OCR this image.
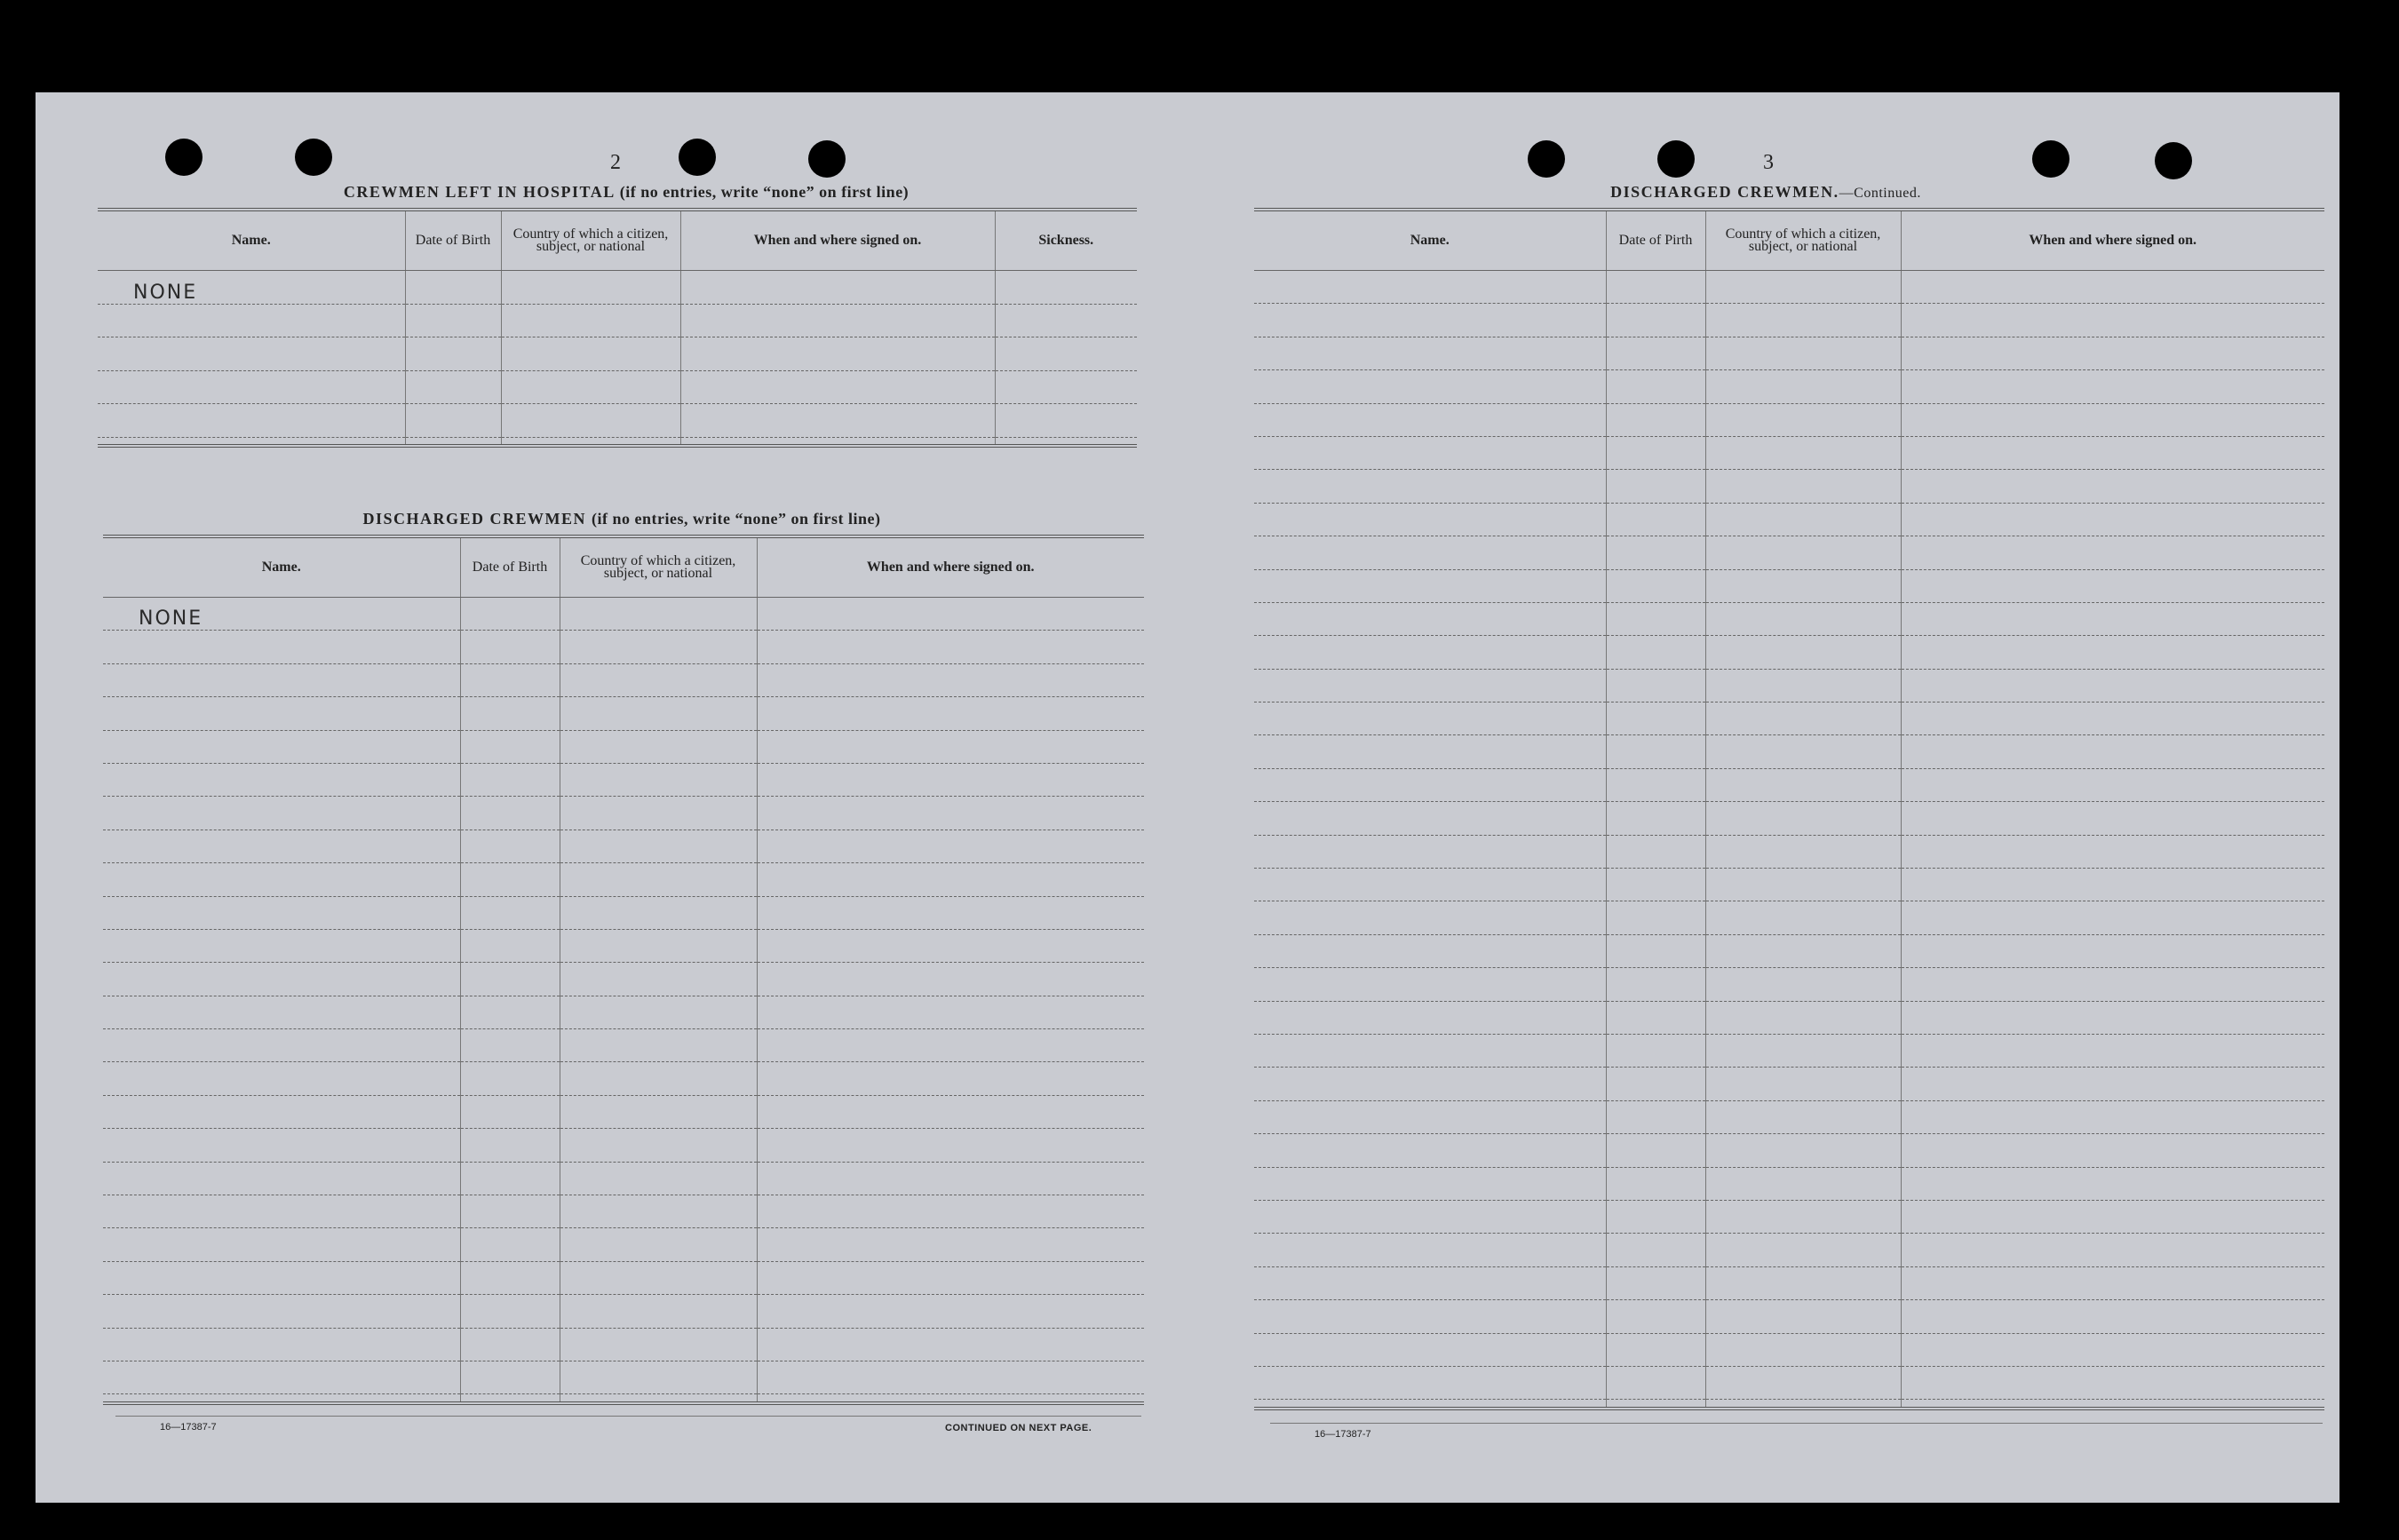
2
CREWMEN LEFT IN HOSPITAL (if no entries, write “none” on first line)
Name.	Date of Birth	Country of which a citizen, subject, or national	When and where signed on.	Sickness.
NONE				

DISCHARGED CREWMEN (if no entries, write “none” on first line)
Name.	Date of Birth	Country of which a citizen, subject, or national	When and where signed on.
NONE			

16—17387-7	CONTINUED ON NEXT PAGE.
3
DISCHARGED CREWMEN.—Continued.
Name.	Date of Pirth	Country of which a citizen, subject, or national	When and where signed on.

16—17387-7
